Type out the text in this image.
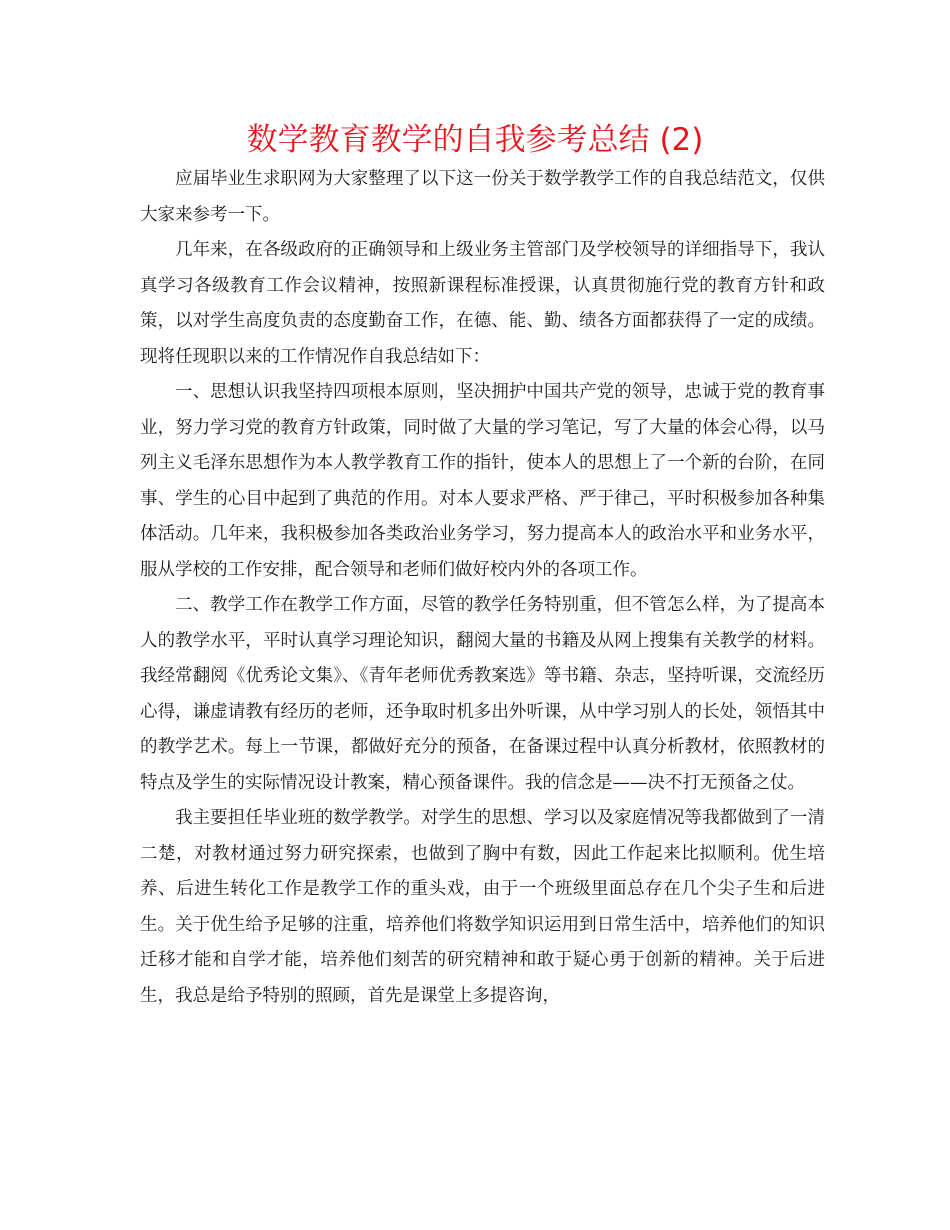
数学教育教学的自我参考总结 (2)

应届毕业生求职网为大家整理了以下这一份关于数学教学工作的自我总结范文，仅供大家来参考一下。

几年来，在各级政府的正确领导和上级业务主管部门及学校领导的详细指导下，我认真学习各级教育工作会议精神，按照新课程标准授课，认真贯彻施行党的教育方针和政策，以对学生高度负责的态度勤奋工作，在德、能、勤、绩各方面都获得了一定的成绩。现将任现职以来的工作情况作自我总结如下：

一、思想认识我坚持四项根本原则，坚决拥护中国共产党的领导，忠诚于党的教育事业，努力学习党的教育方针政策，同时做了大量的学习笔记，写了大量的体会心得，以马列主义毛泽东思想作为本人教学教育工作的指针，使本人的思想上了一个新的台阶，在同事、学生的心目中起到了典范的作用。对本人要求严格、严于律己，平时积极参加各种集体活动。几年来，我积极参加各类政治业务学习，努力提高本人的政治水平和业务水平，服从学校的工作安排，配合领导和老师们做好校内外的各项工作。

二、教学工作在教学工作方面，尽管的教学任务特别重，但不管怎么样，为了提高本人的教学水平，平时认真学习理论知识，翻阅大量的书籍及从网上搜集有关教学的材料。我经常翻阅《优秀论文集》、《青年老师优秀教案选》等书籍、杂志，坚持听课，交流经历心得，谦虚请教有经历的老师，还争取时机多出外听课，从中学习别人的长处，领悟其中的教学艺术。每上一节课，都做好充分的预备，在备课过程中认真分析教材，依照教材的特点及学生的实际情况设计教案，精心预备课件。我的信念是——决不打无预备之仗。

我主要担任毕业班的数学教学。对学生的思想、学习以及家庭情况等我都做到了一清二楚，对教材通过努力研究探索，也做到了胸中有数，因此工作起来比拟顺利。优生培养、后进生转化工作是教学工作的重头戏，由于一个班级里面总存在几个尖子生和后进生。关于优生给予足够的注重，培养他们将数学知识运用到日常生活中，培养他们的知识迁移才能和自学才能，培养他们刻苦的研究精神和敢于疑心勇于创新的精神。关于后进生，我总是给予特别的照顾，首先是课堂上多提咨询，
